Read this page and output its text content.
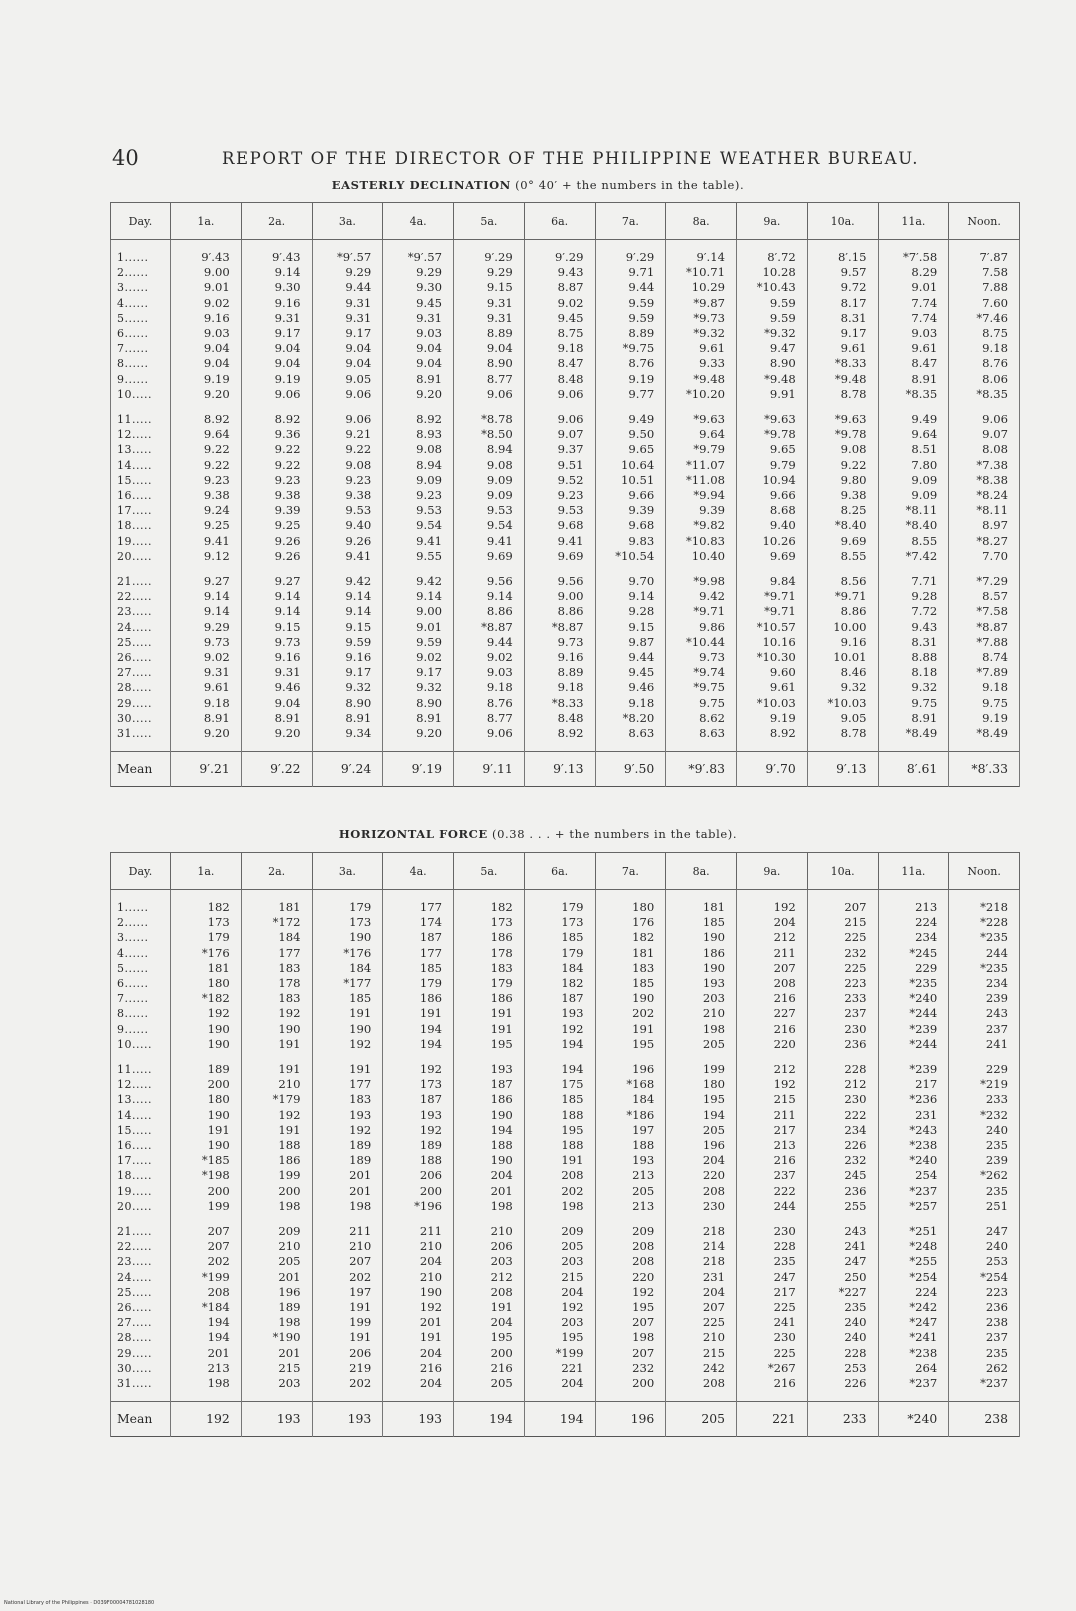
40	REPORT OF THE DIRECTOR OF THE PHILIPPINE WEATHER BUREAU.
EASTERLY DECLINATION (0° 40′ + the numbers in the table).
Day.	1a.	2a.	3a.	4a.	5a.	6a.	7a.	8a.	9a.	10a.	11a.	Noon.
1......	9′.43	9′.43	*9′.57	*9′.57	9′.29	9′.29	9′.29	9′.14	8′.72	8′.15	*7′.58	7′.87
2......	9.00	9.14	9.29	9.29	9.29	9.43	9.71	*10.71	10.28	9.57	8.29	7.58
3......	9.01	9.30	9.44	9.30	9.15	8.87	9.44	10.29	*10.43	9.72	9.01	7.88
4......	9.02	9.16	9.31	9.45	9.31	9.02	9.59	*9.87	9.59	8.17	7.74	7.60
5......	9.16	9.31	9.31	9.31	9.31	9.45	9.59	*9.73	9.59	8.31	7.74	*7.46
6......	9.03	9.17	9.17	9.03	8.89	8.75	8.89	*9.32	*9.32	9.17	9.03	8.75
7......	9.04	9.04	9.04	9.04	9.04	9.18	*9.75	9.61	9.47	9.61	9.61	9.18
8......	9.04	9.04	9.04	9.04	8.90	8.47	8.76	9.33	8.90	*8.33	8.47	8.76
9......	9.19	9.19	9.05	8.91	8.77	8.48	9.19	*9.48	*9.48	*9.48	8.91	8.06
10.....	9.20	9.06	9.06	9.20	9.06	9.06	9.77	*10.20	9.91	8.78	*8.35	*8.35
11.....	8.92	8.92	9.06	8.92	*8.78	9.06	9.49	*9.63	*9.63	*9.63	9.49	9.06
12.....	9.64	9.36	9.21	8.93	*8.50	9.07	9.50	9.64	*9.78	*9.78	9.64	9.07
13.....	9.22	9.22	9.22	9.08	8.94	9.37	9.65	*9.79	9.65	9.08	8.51	8.08
14.....	9.22	9.22	9.08	8.94	9.08	9.51	10.64	*11.07	9.79	9.22	7.80	*7.38
15.....	9.23	9.23	9.23	9.09	9.09	9.52	10.51	*11.08	10.94	9.80	9.09	*8.38
16.....	9.38	9.38	9.38	9.23	9.09	9.23	9.66	*9.94	9.66	9.38	9.09	*8.24
17.....	9.24	9.39	9.53	9.53	9.53	9.53	9.39	9.39	8.68	8.25	*8.11	*8.11
18.....	9.25	9.25	9.40	9.54	9.54	9.68	9.68	*9.82	9.40	*8.40	*8.40	8.97
19.....	9.41	9.26	9.26	9.41	9.41	9.41	9.83	*10.83	10.26	9.69	8.55	*8.27
20.....	9.12	9.26	9.41	9.55	9.69	9.69	*10.54	10.40	9.69	8.55	*7.42	7.70
21.....	9.27	9.27	9.42	9.42	9.56	9.56	9.70	*9.98	9.84	8.56	7.71	*7.29
22.....	9.14	9.14	9.14	9.14	9.14	9.00	9.14	9.42	*9.71	*9.71	9.28	8.57
23.....	9.14	9.14	9.14	9.00	8.86	8.86	9.28	*9.71	*9.71	8.86	7.72	*7.58
24.....	9.29	9.15	9.15	9.01	*8.87	*8.87	9.15	9.86	*10.57	10.00	9.43	*8.87
25.....	9.73	9.73	9.59	9.59	9.44	9.73	9.87	*10.44	10.16	9.16	8.31	*7.88
26.....	9.02	9.16	9.16	9.02	9.02	9.16	9.44	9.73	*10.30	10.01	8.88	8.74
27.....	9.31	9.31	9.17	9.17	9.03	8.89	9.45	*9.74	9.60	8.46	8.18	*7.89
28.....	9.61	9.46	9.32	9.32	9.18	9.18	9.46	*9.75	9.61	9.32	9.32	9.18
29.....	9.18	9.04	8.90	8.90	8.76	*8.33	9.18	9.75	*10.03	*10.03	9.75	9.75
30.....	8.91	8.91	8.91	8.91	8.77	8.48	*8.20	8.62	9.19	9.05	8.91	9.19
31.....	9.20	9.20	9.34	9.20	9.06	8.92	8.63	8.63	8.92	8.78	*8.49	*8.49
Mean	9′.21	9′.22	9′.24	9′.19	9′.11	9′.13	9′.50	*9′.83	9′.70	9′.13	8′.61	*8′.33
HORIZONTAL FORCE (0.38 . . . + the numbers in the table).
Day.	1a.	2a.	3a.	4a.	5a.	6a.	7a.	8a.	9a.	10a.	11a.	Noon.
1......	182	181	179	177	182	179	180	181	192	207	213	*218
2......	173	*172	173	174	173	173	176	185	204	215	224	*228
3......	179	184	190	187	186	185	182	190	212	225	234	*235
4......	*176	177	*176	177	178	179	181	186	211	232	*245	244
5......	181	183	184	185	183	184	183	190	207	225	229	*235
6......	180	178	*177	179	179	182	185	193	208	223	*235	234
7......	*182	183	185	186	186	187	190	203	216	233	*240	239
8......	192	192	191	191	191	193	202	210	227	237	*244	243
9......	190	190	190	194	191	192	191	198	216	230	*239	237
10.....	190	191	192	194	195	194	195	205	220	236	*244	241
11.....	189	191	191	192	193	194	196	199	212	228	*239	229
12.....	200	210	177	173	187	175	*168	180	192	212	217	*219
13.....	180	*179	183	187	186	185	184	195	215	230	*236	233
14.....	190	192	193	193	190	188	*186	194	211	222	231	*232
15.....	191	191	192	192	194	195	197	205	217	234	*243	240
16.....	190	188	189	189	188	188	188	196	213	226	*238	235
17.....	*185	186	189	188	190	191	193	204	216	232	*240	239
18.....	*198	199	201	206	204	208	213	220	237	245	254	*262
19.....	200	200	201	200	201	202	205	208	222	236	*237	235
20.....	199	198	198	*196	198	198	213	230	244	255	*257	251
21.....	207	209	211	211	210	209	209	218	230	243	*251	247
22.....	207	210	210	210	206	205	208	214	228	241	*248	240
23.....	202	205	207	204	203	203	208	218	235	247	*255	253
24.....	*199	201	202	210	212	215	220	231	247	250	*254	*254
25.....	208	196	197	190	208	204	192	204	217	*227	224	223
26.....	*184	189	191	192	191	192	195	207	225	235	*242	236
27.....	194	198	199	201	204	203	207	225	241	240	*247	238
28.....	194	*190	191	191	195	195	198	210	230	240	*241	237
29.....	201	201	206	204	200	*199	207	215	225	228	*238	235
30.....	213	215	219	216	216	221	232	242	*267	253	264	262
31.....	198	203	202	204	205	204	200	208	216	226	*237	*237
Mean	192	193	193	193	194	194	196	205	221	233	*240	238
National Library of the Philippines · D039F00004781028180
